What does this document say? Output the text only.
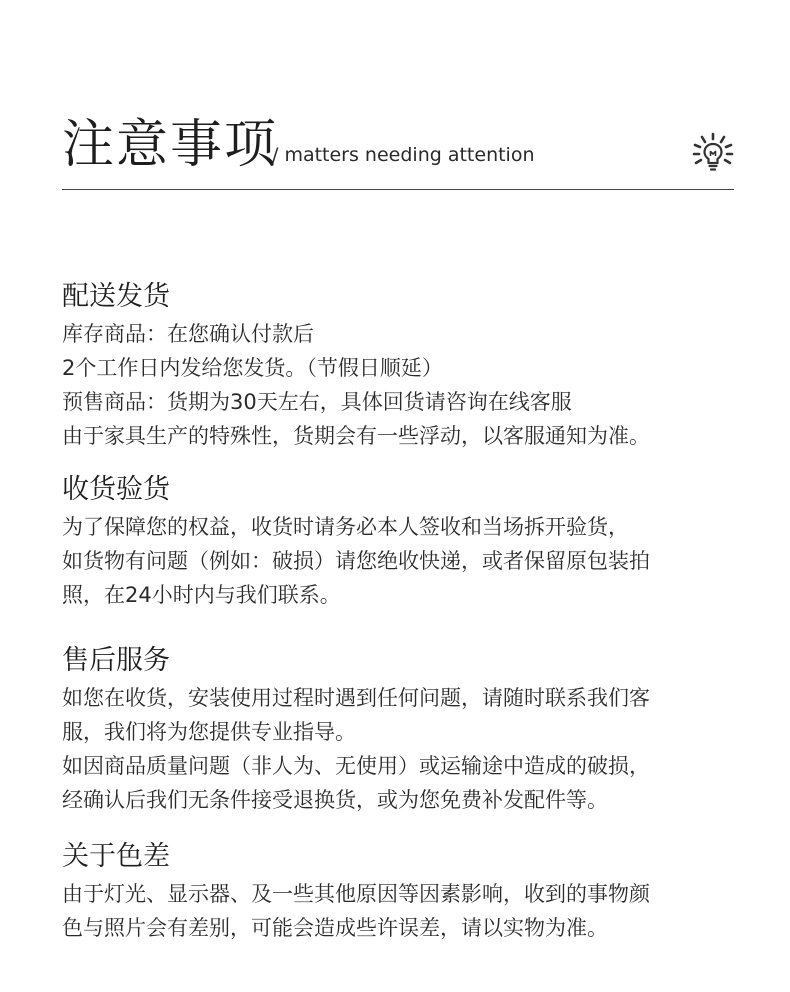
注意事项
/ matters needing attention
配送发货
库存商品：在您确认付款后
2个工作日内发给您发货。（节假日顺延）
预售商品：货期为30天左右，具体回货请咨询在线客服
由于家具生产的特殊性，货期会有一些浮动，以客服通知为准。
收货验货
为了保障您的权益，收货时请务必本人签收和当场拆开验货，
如货物有问题（例如：破损）请您绝收快递，或者保留原包装拍
照，在24小时内与我们联系。
售后服务
如您在收货，安装使用过程时遇到任何问题，请随时联系我们客
服，我们将为您提供专业指导。
如因商品质量问题（非人为、无使用）或运输途中造成的破损，
经确认后我们无条件接受退换货，或为您免费补发配件等。
关于色差
由于灯光、显示器、及一些其他原因等因素影响，收到的事物颜
色与照片会有差别，可能会造成些许误差，请以实物为准。
